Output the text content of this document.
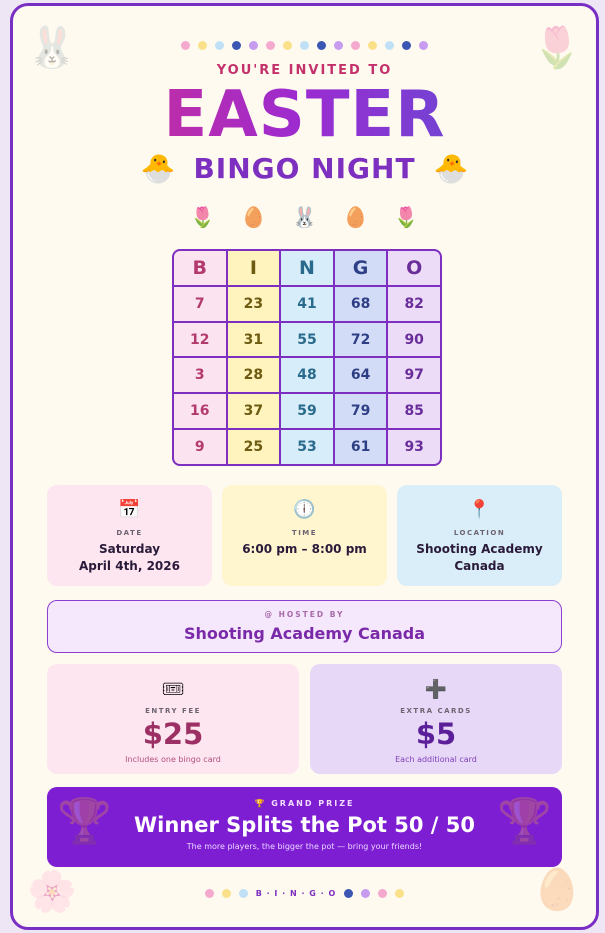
🐰	🌷
🌸	🥚
YOU'RE INVITED TO
EASTER
🐣 BINGO NIGHT 🐣
🌷 🥚 🐰 🥚 🌷
B	I	N	G	O
7	23	41	68	82
12	31	55	72	90
3	28	48	64	97
16	37	59	79	85
9	25	53	61	93
📅
DATE
Saturday
April 4th, 2026
🕕
TIME
6:00 pm – 8:00 pm
📍
LOCATION
Shooting Academy
Canada
@ HOSTED BY
Shooting Academy Canada
🎟
ENTRY FEE
$25
Includes one bingo card
➕
EXTRA CARDS
$5
Each additional card
🏆	🏆
🏆 GRAND PRIZE
Winner Splits the Pot 50 / 50
The more players, the bigger the pot — bring your friends!
B · I · N · G · O
